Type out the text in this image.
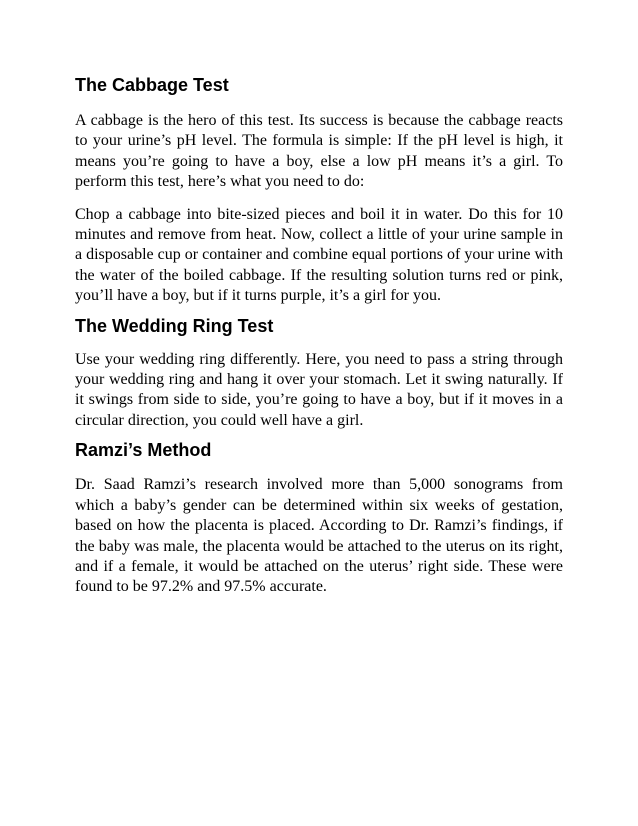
The Cabbage Test

A cabbage is the hero of this test. Its success is because the cabbage reacts to your urine’s pH level. The formula is simple: If the pH level is high, it means you’re going to have a boy, else a low pH means it’s a girl. To perform this test, here’s what you need to do:

Chop a cabbage into bite-sized pieces and boil it in water. Do this for 10 minutes and remove from heat. Now, collect a little of your urine sample in a disposable cup or container and combine equal portions of your urine with the water of the boiled cabbage. If the resulting solution turns red or pink, you’ll have a boy, but if it turns purple, it’s a girl for you.

The Wedding Ring Test

Use your wedding ring differently. Here, you need to pass a string through your wedding ring and hang it over your stomach. Let it swing naturally. If it swings from side to side, you’re going to have a boy, but if it moves in a circular direction, you could well have a girl.

Ramzi’s Method

Dr. Saad Ramzi’s research involved more than 5,000 sonograms from which a baby’s gender can be determined within six weeks of gestation, based on how the placenta is placed. According to Dr. Ramzi’s findings, if the baby was male, the placenta would be attached to the uterus on its right, and if a female, it would be attached on the uterus’ right side. These were found to be 97.2% and 97.5% accurate.
